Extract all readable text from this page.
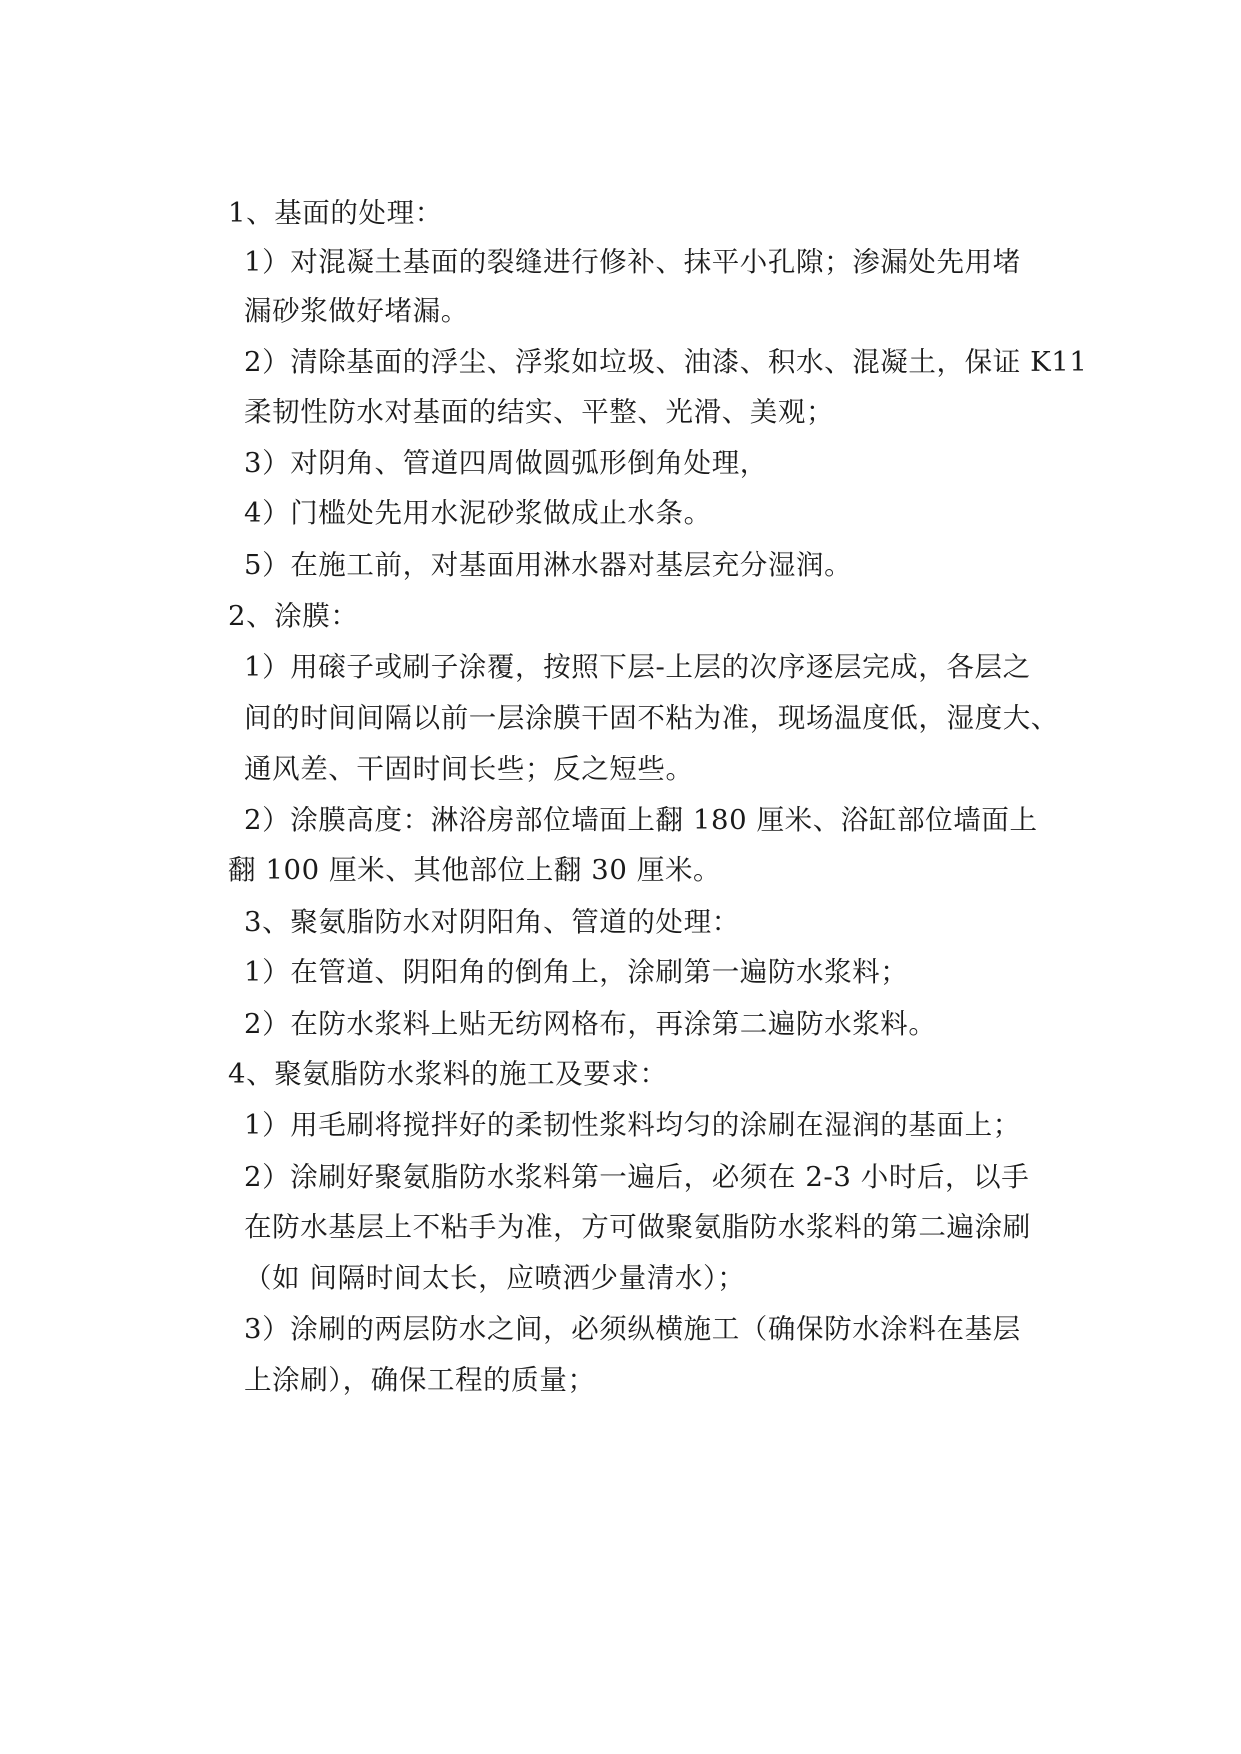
1、基面的处理：
1）对混凝土基面的裂缝进行修补、抹平小孔隙；渗漏处先用堵
漏砂浆做好堵漏。
2）清除基面的浮尘、浮浆如垃圾、油漆、积水、混凝土，保证 K11
柔韧性防水对基面的结实、平整、光滑、美观；
3）对阴角、管道四周做圆弧形倒角处理，
4）门槛处先用水泥砂浆做成止水条。
5）在施工前，对基面用淋水器对基层充分湿润。
2、涂膜：
1）用磙子或刷子涂覆，按照下层-上层的次序逐层完成，各层之
间的时间间隔以前一层涂膜干固不粘为准，现场温度低，湿度大、
通风差、干固时间长些；反之短些。
2）涂膜高度：淋浴房部位墙面上翻 180 厘米、浴缸部位墙面上
翻 100 厘米、其他部位上翻 30 厘米。
3、聚氨脂防水对阴阳角、管道的处理：
1）在管道、阴阳角的倒角上，涂刷第一遍防水浆料；
2）在防水浆料上贴无纺网格布，再涂第二遍防水浆料。
4、聚氨脂防水浆料的施工及要求：
1）用毛刷将搅拌好的柔韧性浆料均匀的涂刷在湿润的基面上；
2）涂刷好聚氨脂防水浆料第一遍后，必须在 2-3 小时后，以手
在防水基层上不粘手为准，方可做聚氨脂防水浆料的第二遍涂刷
（如 间隔时间太长，应喷洒少量清水）；
3）涂刷的两层防水之间，必须纵横施工（确保防水涂料在基层
上涂刷），确保工程的质量；
